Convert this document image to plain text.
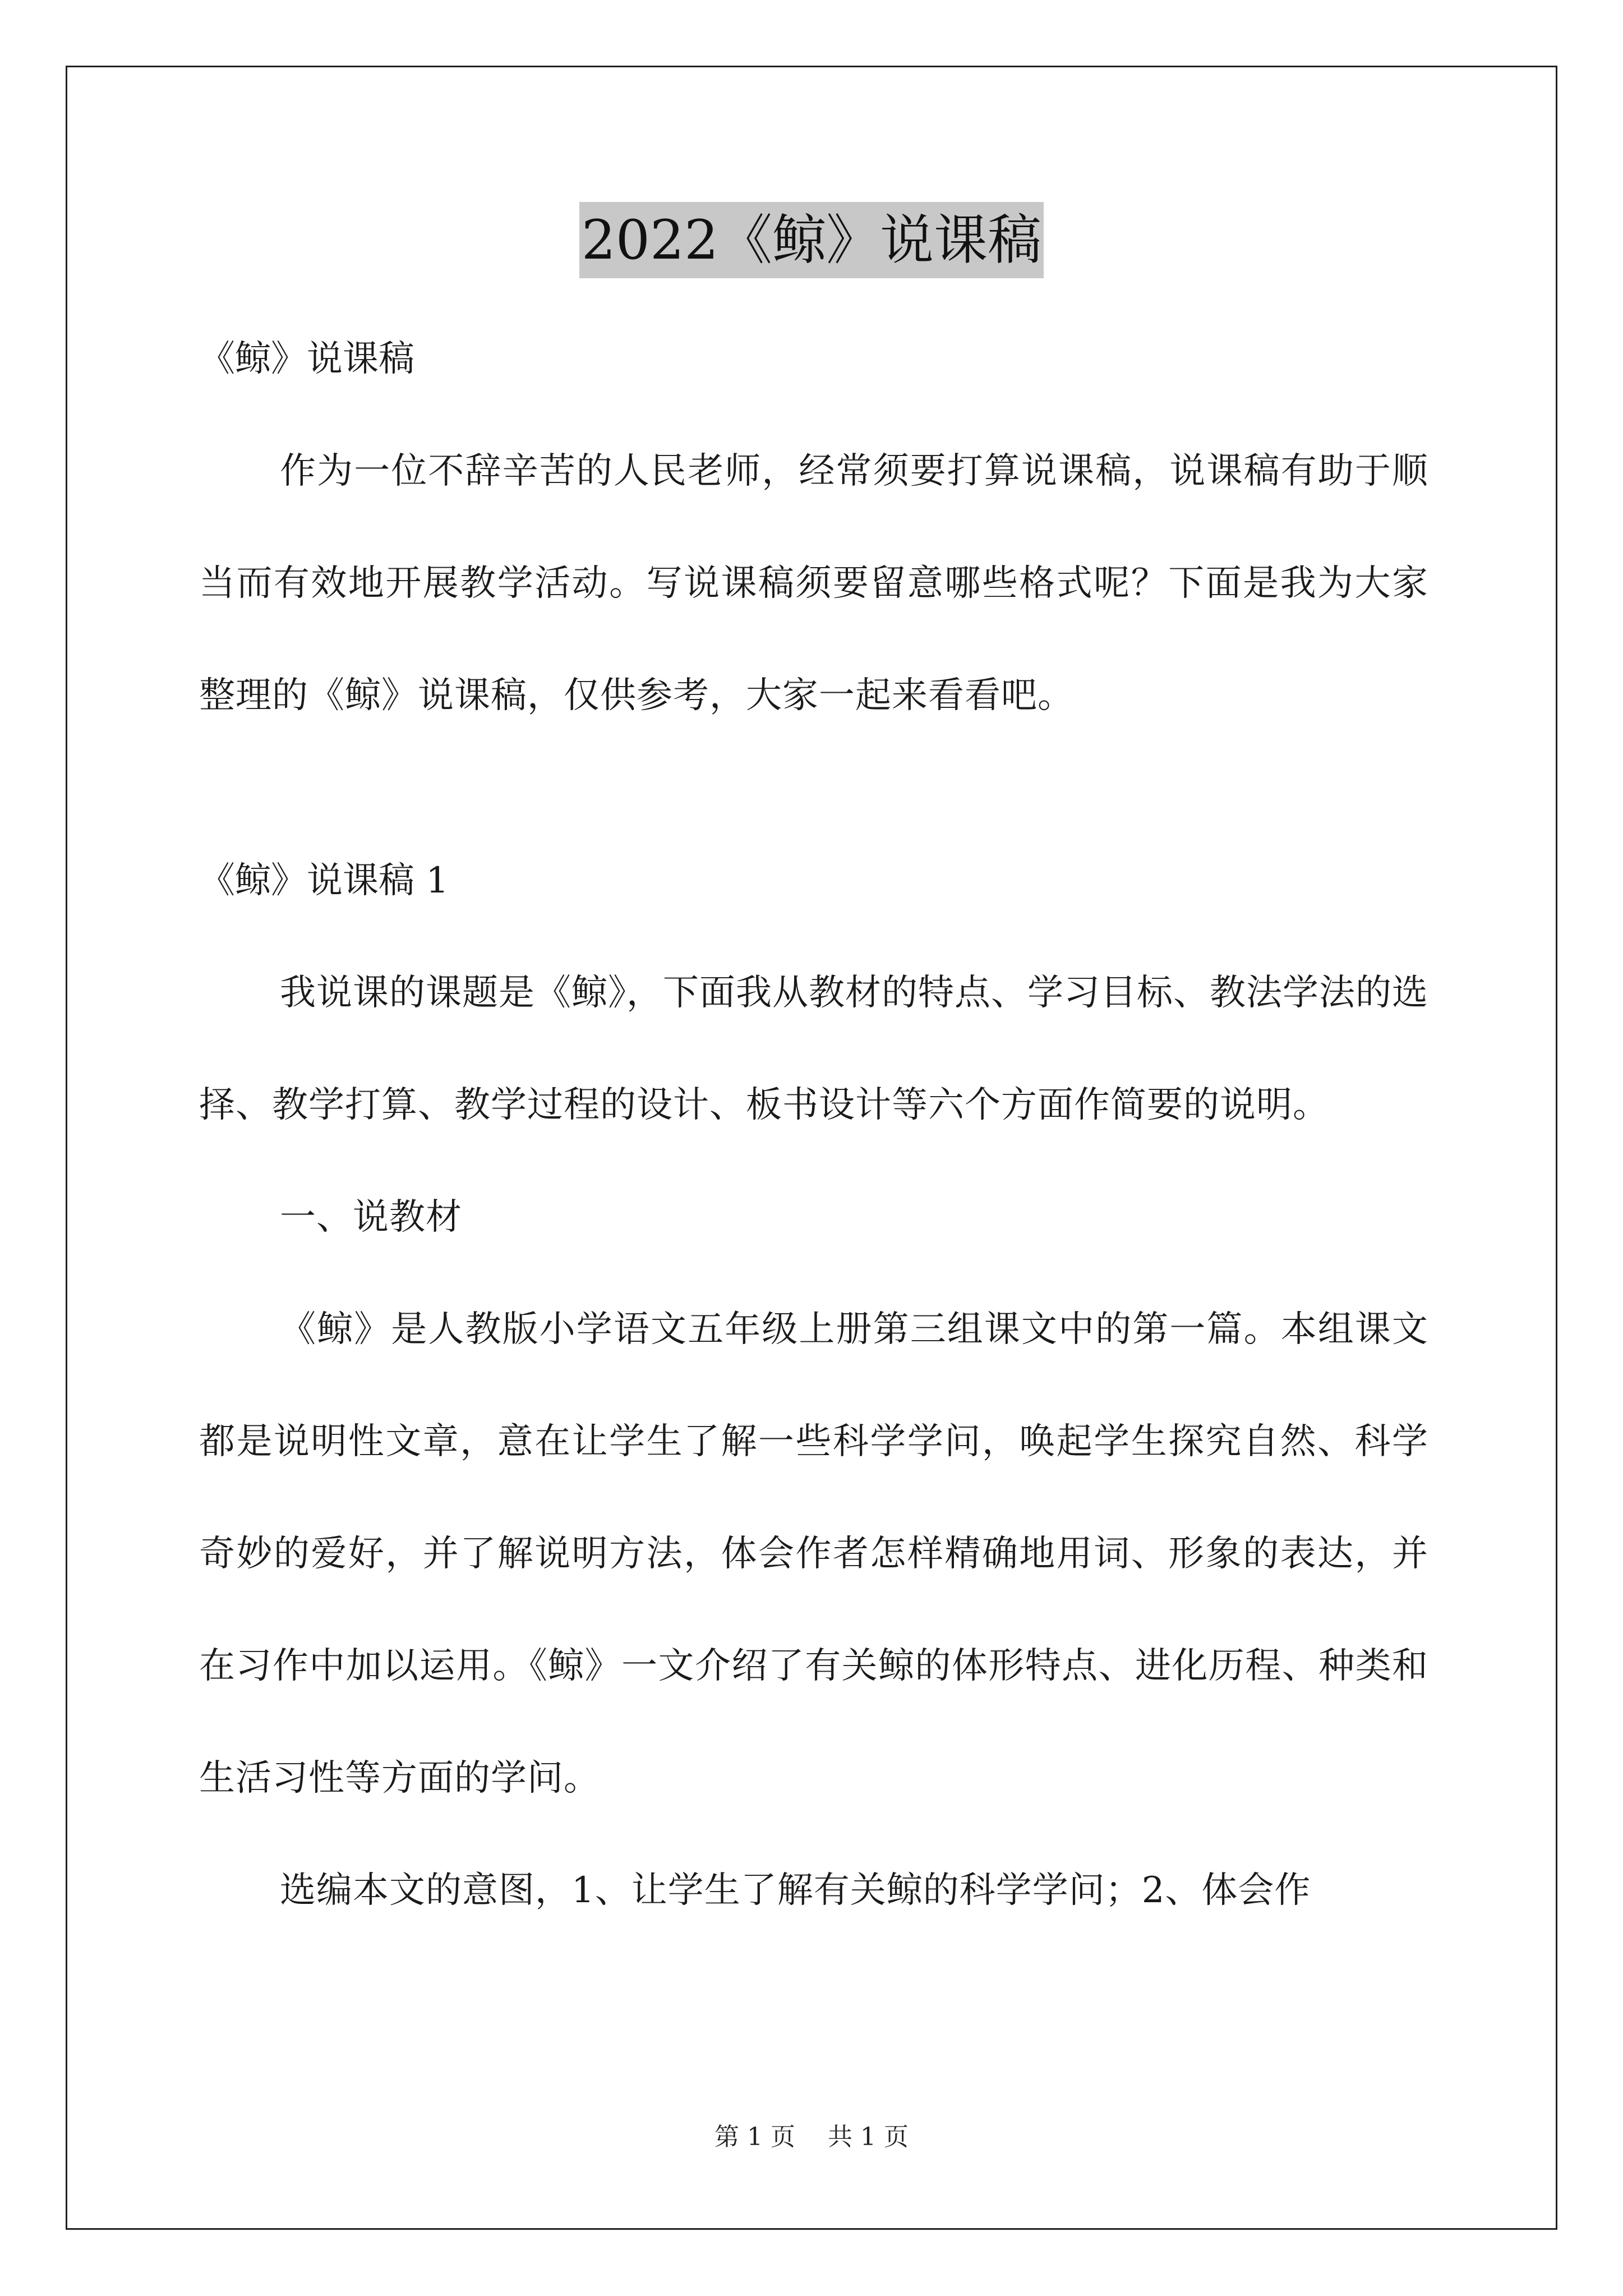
2022《鲸》说课稿

《鲸》说课稿

作为一位不辞辛苦的人民老师，经常须要打算说课稿，说课稿有助于顺当而有效地开展教学活动。写说课稿须要留意哪些格式呢？下面是我为大家整理的《鲸》说课稿，仅供参考，大家一起来看看吧。

《鲸》说课稿 1

我说课的课题是《鲸》，下面我从教材的特点、学习目标、教法学法的选择、教学打算、教学过程的设计、板书设计等六个方面作简要的说明。

一、说教材

《鲸》是人教版小学语文五年级上册第三组课文中的第一篇。本组课文都是说明性文章，意在让学生了解一些科学学问，唤起学生探究自然、科学奇妙的爱好，并了解说明方法，体会作者怎样精确地用词、形象的表达，并在习作中加以运用。《鲸》一文介绍了有关鲸的体形特点、进化历程、种类和生活习性等方面的学问。

选编本文的意图，1、让学生了解有关鲸的科学学问；2、体会作

第 1 页 共 1 页
